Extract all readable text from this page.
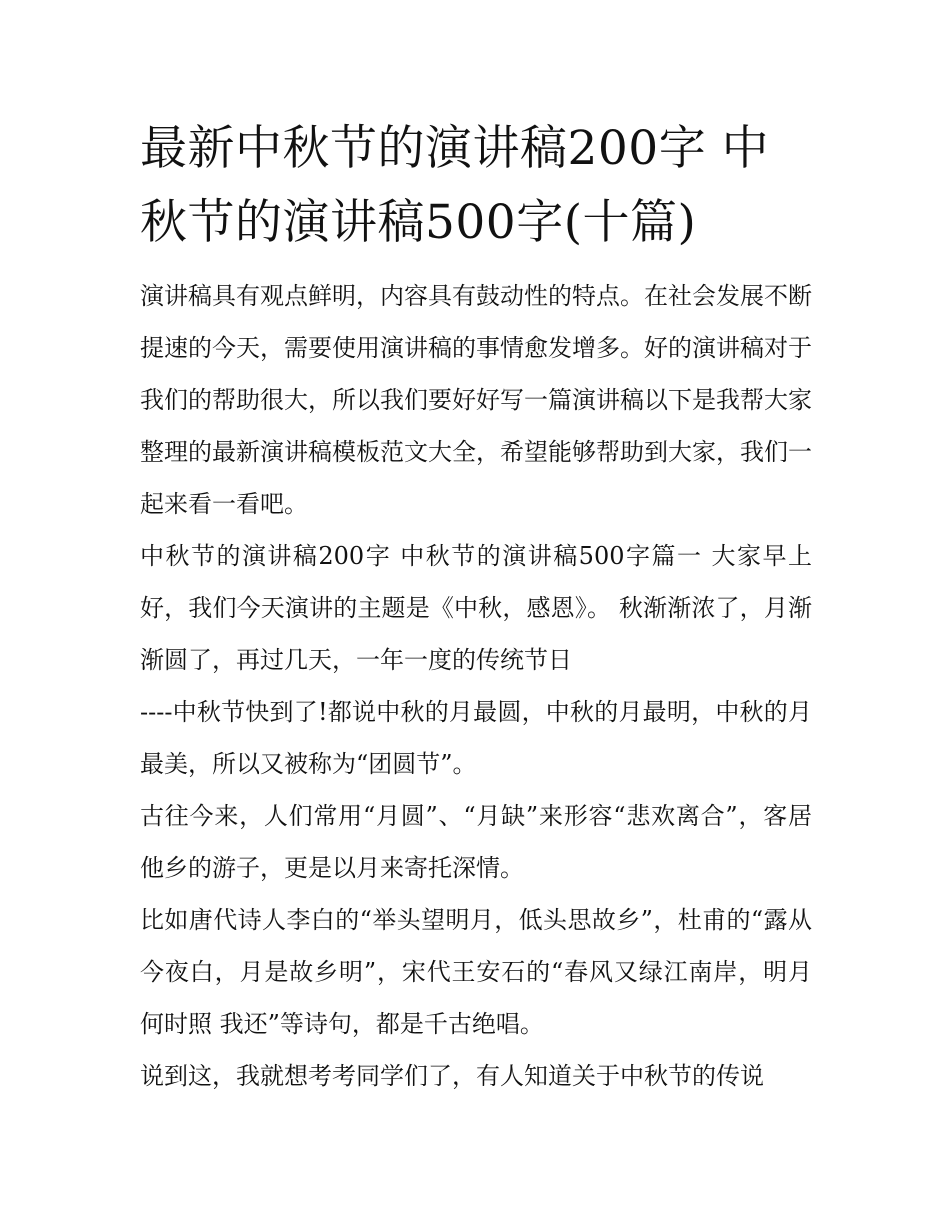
最新中秋节的演讲稿200字 中秋节的演讲稿500字(十篇)

演讲稿具有观点鲜明，内容具有鼓动性的特点。在社会发展不断提速的今天，需要使用演讲稿的事情愈发增多。好的演讲稿对于我们的帮助很大，所以我们要好好写一篇演讲稿以下是我帮大家整理的最新演讲稿模板范文大全，希望能够帮助到大家，我们一起来看一看吧。

中秋节的演讲稿200字 中秋节的演讲稿500字篇一 大家早上好，我们今天演讲的主题是《中秋，感恩》。 秋渐渐浓了，月渐渐圆了，再过几天，一年一度的传统节日

----中秋节快到了!都说中秋的月最圆，中秋的月最明，中秋的月最美，所以又被称为“团圆节”。

古往今来，人们常用“月圆”、“月缺”来形容“悲欢离合”，客居他乡的游子，更是以月来寄托深情。

比如唐代诗人李白的“举头望明月，低头思故乡”，杜甫的“露从今夜白，月是故乡明”，宋代王安石的“春风又绿江南岸，明月何时照 我还”等诗句，都是千古绝唱。

说到这，我就想考考同学们了，有人知道关于中秋节的传说
